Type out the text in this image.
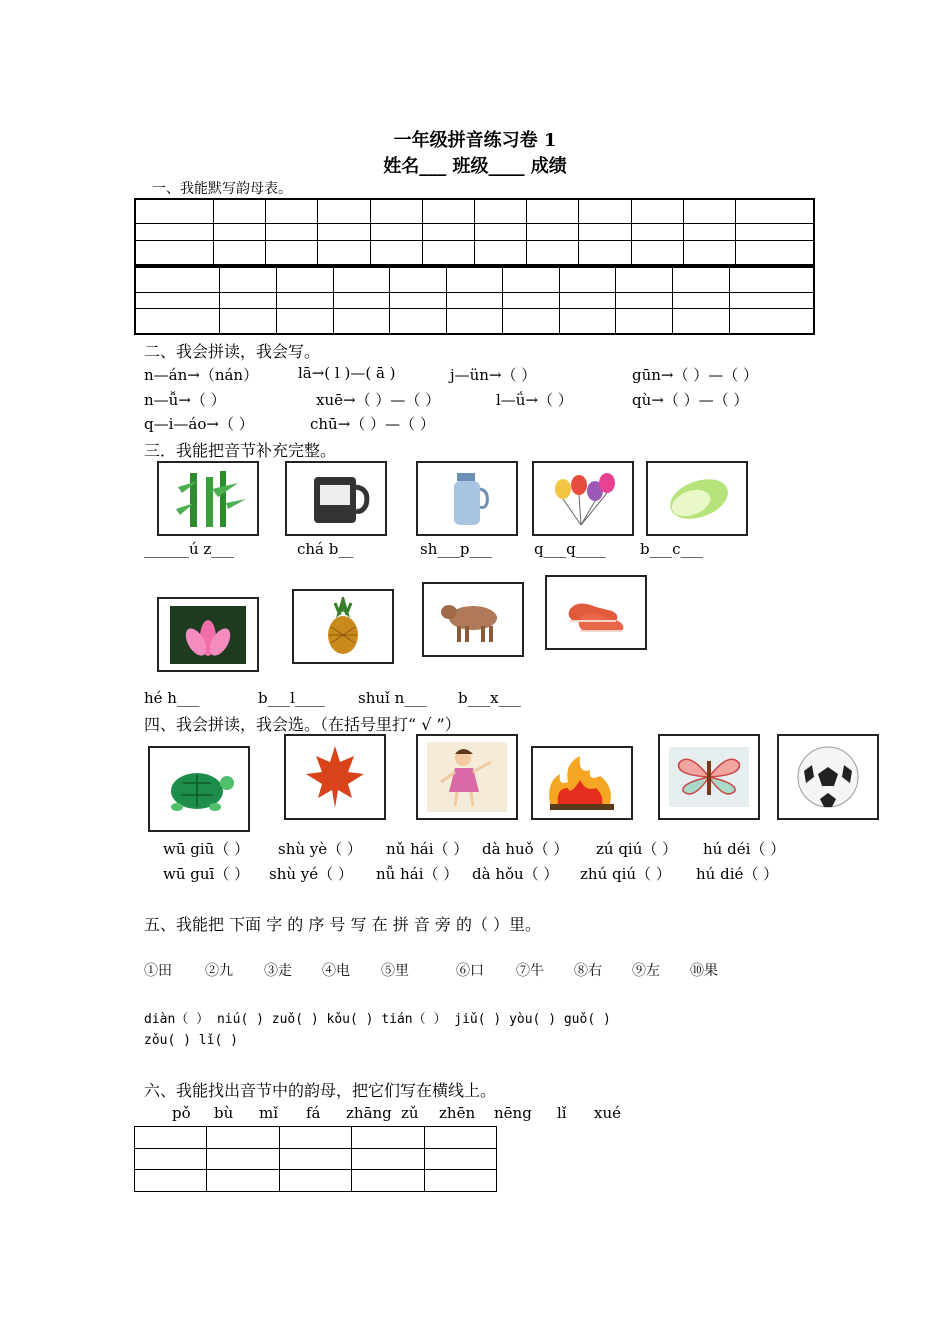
一年级拼音练习卷 1
姓名___ 班级____ 成绩
一、我能默写韵母表。

二、我会拼读，我会写。
n—án→（nán）	lā→( l )—( ā )	j—ün→（ ）	gūn→（ ）—（ ）
n—ǚ→（ ）	xuē→（ ）—（ ）	l—ǘ→（ ）	qù→（ ）—（ ）
q—i—áo→（ ）	chū→（ ）—（ ）
三．我能把音节补充完整。
______ú z___	chá b__	sh___p___	q___q____ b___c___
hé h___	b___l____ shuǐ n___ b___x___
四、我会拼读，我会选。（在括号里打“ √ ”）
wū giū（ ） shù yè（ ） nǔ hái（ ） dà huǒ（ ） zú qiú（ ） hú déi（ ）
wū guī（ ） shù yé（ ） nǚ hái（ ） dà hǒu（ ） zhú qiú（ ） hú dié（ ）
五、我能把 下面 字 的 序 号 写 在 拼 音 旁 的（ ）里。
①田 ②九 ③走 ④电 ⑤里	⑥口 ⑦牛 ⑧右 ⑨左 ⑩果
diàn（ ） niú( ) zuǒ( ) kǒu( ) tián（ ） jiǔ( ) yòu( ) guǒ( )
zǒu( ) lǐ( )
六、我能找出音节中的韵母，把它们写在横线上。
pǒ bù mǐ fá zhāng zǔ zhēn nēng lǐ xué
